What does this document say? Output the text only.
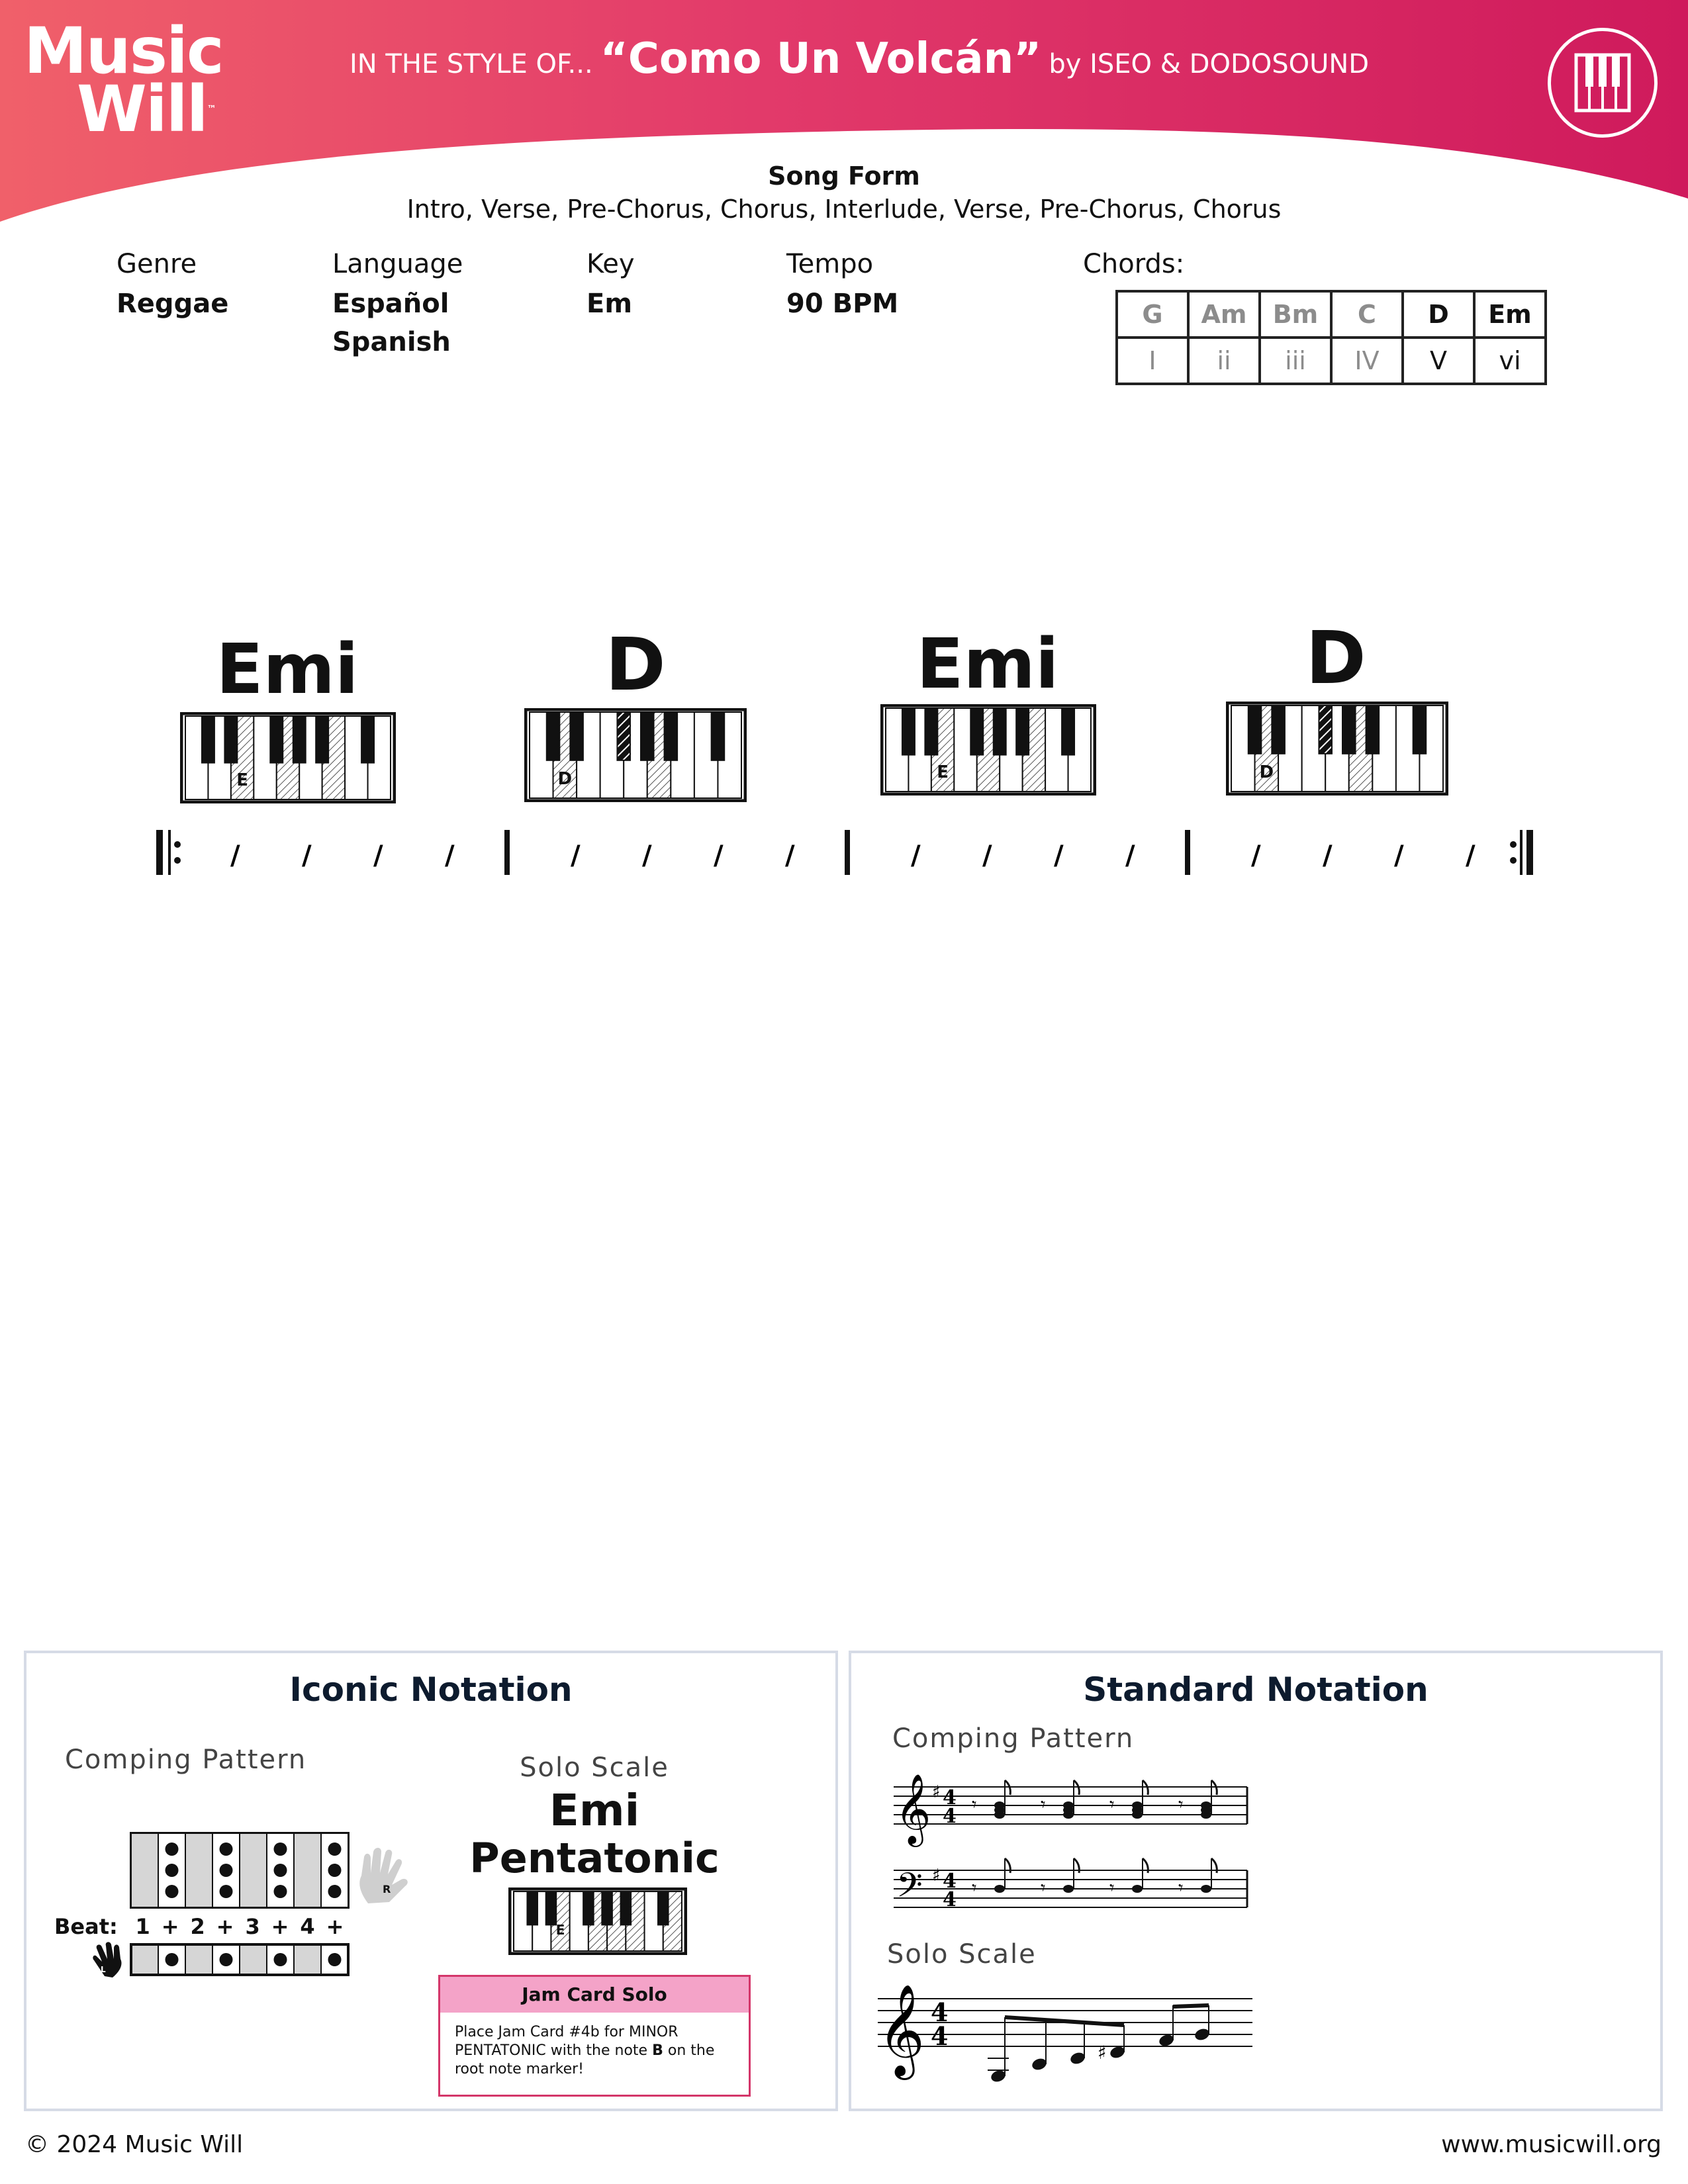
Music
Will™
IN THE STYLE OF... “Como Un Volcán” by ISEO & DODOSOUND
Song Form
Intro, Verse, Pre-Chorus, Chorus, Interlude, Verse, Pre-Chorus, Chorus
Genre
Reggae
Language
Español
Spanish
Key
Em
Tempo
90 BPM
Chords:
G	Am	Bm	C	D	Em
I	ii	iii	IV	V	vi
Emi	D	Emi	D
E	D	E	D
/ / / /	/ / / /	/ / / /	/ / / /
Iconic Notation
Comping Pattern
R
Beat: 1 + 2 + 3 + 4 +
L
Solo Scale
Emi
Pentatonic
E
Jam Card Solo
Place Jam Card #4b for MINOR PENTATONIC with the note B on the root note marker!
Standard Notation
Comping Pattern
𝄞
𝄢
♯
♯
4
4
4
4
𝄾
𝄾
𝄾
𝄾
𝄾
𝄾
𝄾
𝄾
Solo Scale
𝄞 4
4
♯
© 2024 Music Will	www.musicwill.org
